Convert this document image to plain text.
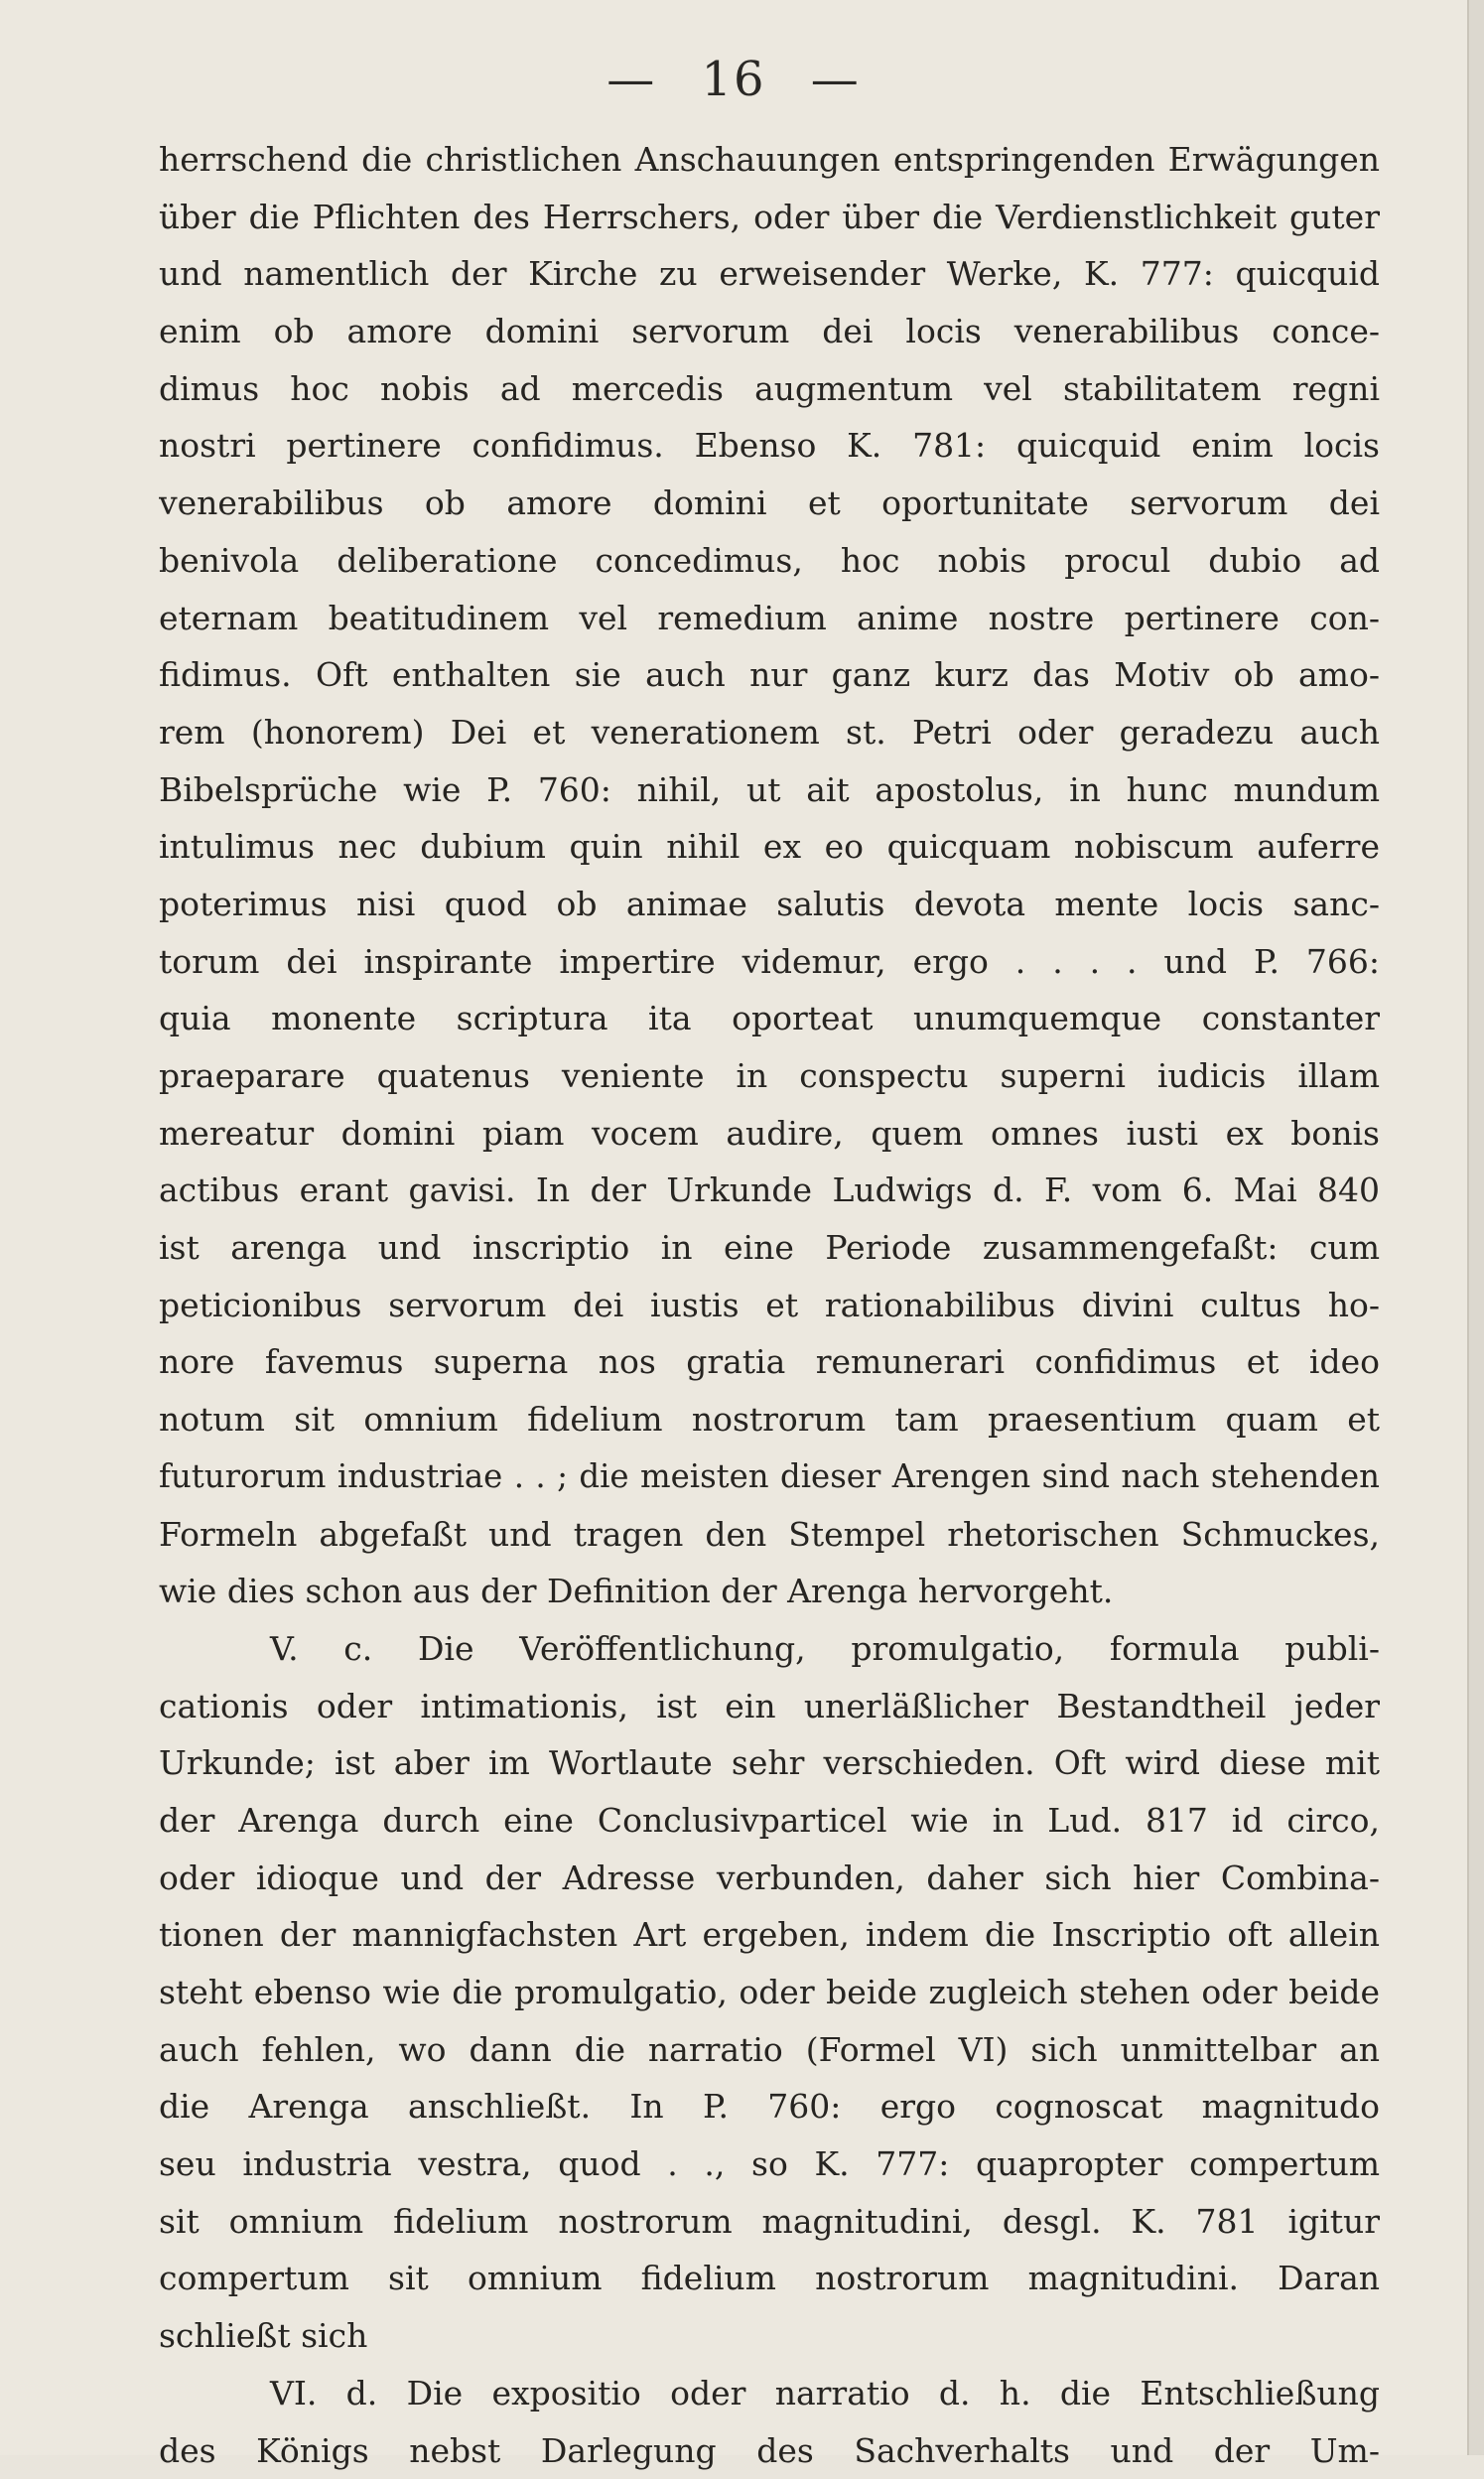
— 16 —
herrschend die christlichen Anschauungen entspringenden Erwägungen
über die Pflichten des Herrschers, oder über die Verdienstlichkeit guter
und namentlich der Kirche zu erweisender Werke, K. 777: quicquid
enim ob amore domini servorum dei locis venerabilibus conce-
dimus hoc nobis ad mercedis augmentum vel stabilitatem regni
nostri pertinere confidimus. Ebenso K. 781: quicquid enim locis
venerabilibus ob amore domini et oportunitate servorum dei
benivola deliberatione concedimus, hoc nobis procul dubio ad
eternam beatitudinem vel remedium anime nostre pertinere con-
fidimus. Oft enthalten sie auch nur ganz kurz das Motiv ob amo-
rem (honorem) Dei et venerationem st. Petri oder geradezu auch
Bibelsprüche wie P. 760: nihil, ut ait apostolus, in hunc mundum
intulimus nec dubium quin nihil ex eo quicquam nobiscum auferre
poterimus nisi quod ob animae salutis devota mente locis sanc-
torum dei inspirante impertire videmur, ergo . . . . und P. 766:
quia monente scriptura ita oporteat unumquemque constanter
praeparare quatenus veniente in conspectu superni iudicis illam
mereatur domini piam vocem audire, quem omnes iusti ex bonis
actibus erant gavisi. In der Urkunde Ludwigs d. F. vom 6. Mai 840
ist arenga und inscriptio in eine Periode zusammengefaßt: cum
peticionibus servorum dei iustis et rationabilibus divini cultus ho-
nore favemus superna nos gratia remunerari confidimus et ideo
notum sit omnium fidelium nostrorum tam praesentium quam et
futurorum industriae . . ; die meisten dieser Arengen sind nach stehenden
Formeln abgefaßt und tragen den Stempel rhetorischen Schmuckes,
wie dies schon aus der Definition der Arenga hervorgeht.
V. c. Die Veröffentlichung, promulgatio, formula publi-
cationis oder intimationis, ist ein unerläßlicher Bestandtheil jeder
Urkunde; ist aber im Wortlaute sehr verschieden. Oft wird diese mit
der Arenga durch eine Conclusivparticel wie in Lud. 817 id circo,
oder idioque und der Adresse verbunden, daher sich hier Combina-
tionen der mannigfachsten Art ergeben, indem die Inscriptio oft allein
steht ebenso wie die promulgatio, oder beide zugleich stehen oder beide
auch fehlen, wo dann die narratio (Formel VI) sich unmittelbar an
die Arenga anschließt. In P. 760: ergo cognoscat magnitudo
seu industria vestra, quod . ., so K. 777: quapropter compertum
sit omnium fidelium nostrorum magnitudini, desgl. K. 781 igitur
compertum sit omnium fidelium nostrorum magnitudini. Daran
schließt sich
VI. d. Die expositio oder narratio d. h. die Entschließung
des Königs nebst Darlegung des Sachverhalts und der Um-
